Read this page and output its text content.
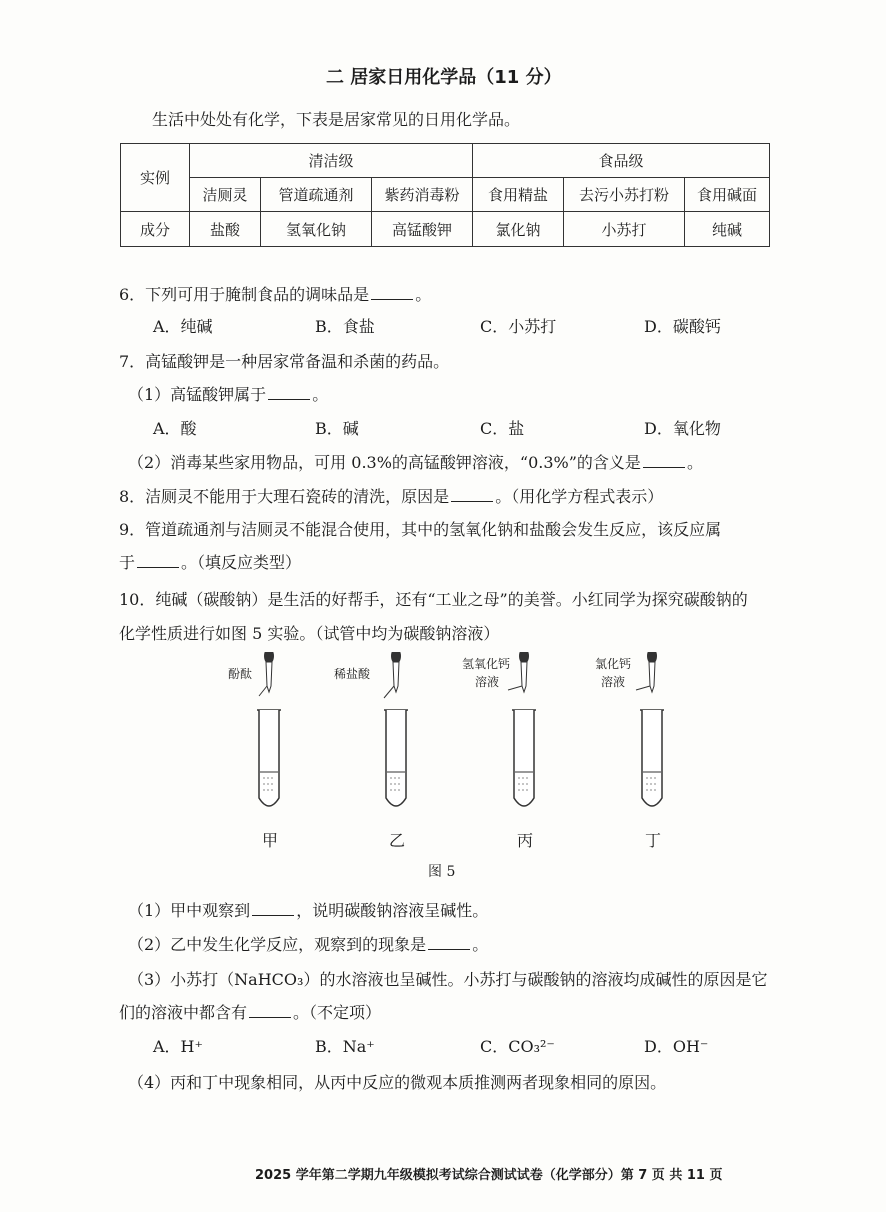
二 居家日用化学品（11 分）
生活中处处有化学，下表是居家常见的日用化学品。
实例	清洁级			食品级		
	洁厕灵	管道疏通剂	紫药消毒粉	食用精盐	去污小苏打粉	食用碱面
成分	盐酸	氢氧化钠	高锰酸钾	氯化钠	小苏打	纯碱
6．下列可用于腌制食品的调味品是	。
A．纯碱	B．食盐	C．小苏打	D．碳酸钙
7．高锰酸钾是一种居家常备温和杀菌的药品。
（1）高锰酸钾属于	。
A．酸	B．碱	C．盐	D．氧化物
（2）消毒某些家用物品，可用 0.3%的高锰酸钾溶液，“0.3%”的含义是	。
8．洁厕灵不能用于大理石瓷砖的清洗，原因是	。（用化学方程式表示）
9．管道疏通剂与洁厕灵不能混合使用，其中的氢氧化钠和盐酸会发生反应，该反应属
于	。（填反应类型）
10．纯碱（碳酸钠）是生活的好帮手，还有“工业之母”的美誉。小红同学为探究碳酸钠的
化学性质进行如图 5 实验。（试管中均为碳酸钠溶液）
酚酞	稀盐酸
氢氧化钙
溶液
氯化钙
溶液
甲	乙	丙	丁
图 5
（1）甲中观察到	，说明碳酸钠溶液呈碱性。
（2）乙中发生化学反应，观察到的现象是	。
（3）小苏打（NaHCO₃）的水溶液也呈碱性。小苏打与碳酸钠的溶液均成碱性的原因是它
们的溶液中都含有	。（不定项）
A．H⁺	B．Na⁺	C．CO₃²⁻	D．OH⁻
（4）丙和丁中现象相同，从丙中反应的微观本质推测两者现象相同的原因。
2025 学年第二学期九年级模拟考试综合测试试卷（化学部分）第 7 页 共 11 页
